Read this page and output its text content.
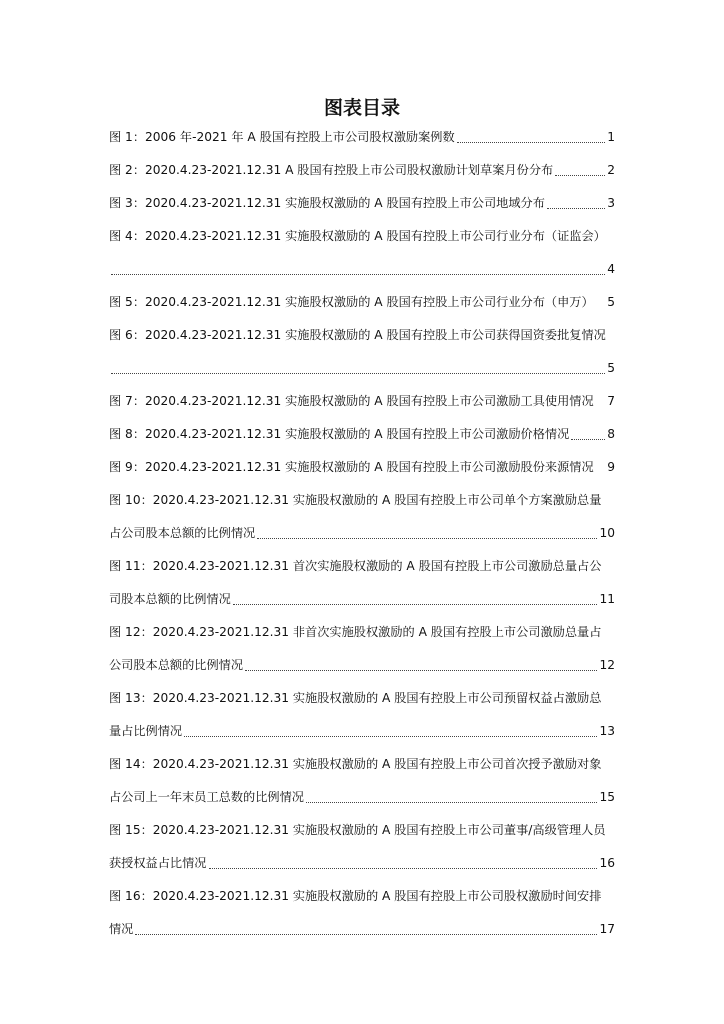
图表目录
图 1：2006 年-2021 年 A 股国有控股上市公司股权激励案例数	1
图 2：2020.4.23-2021.12.31 A 股国有控股上市公司股权激励计划草案月份分布	2
图 3：2020.4.23-2021.12.31 实施股权激励的 A 股国有控股上市公司地域分布	3
图 4：2020.4.23-2021.12.31 实施股权激励的 A 股国有控股上市公司行业分布（证监会）
4
图 5：2020.4.23-2021.12.31 实施股权激励的 A 股国有控股上市公司行业分布（申万） 5
图 6：2020.4.23-2021.12.31 实施股权激励的 A 股国有控股上市公司获得国资委批复情况
5
图 7：2020.4.23-2021.12.31 实施股权激励的 A 股国有控股上市公司激励工具使用情况 7
图 8：2020.4.23-2021.12.31 实施股权激励的 A 股国有控股上市公司激励价格情况	8
图 9：2020.4.23-2021.12.31 实施股权激励的 A 股国有控股上市公司激励股份来源情况 9
图 10：2020.4.23-2021.12.31 实施股权激励的 A 股国有控股上市公司单个方案激励总量
占公司股本总额的比例情况	10
图 11：2020.4.23-2021.12.31 首次实施股权激励的 A 股国有控股上市公司激励总量占公
司股本总额的比例情况	11
图 12：2020.4.23-2021.12.31 非首次实施股权激励的 A 股国有控股上市公司激励总量占
公司股本总额的比例情况	12
图 13：2020.4.23-2021.12.31 实施股权激励的 A 股国有控股上市公司预留权益占激励总
量占比例情况	13
图 14：2020.4.23-2021.12.31 实施股权激励的 A 股国有控股上市公司首次授予激励对象
占公司上一年末员工总数的比例情况	15
图 15：2020.4.23-2021.12.31 实施股权激励的 A 股国有控股上市公司董事/高级管理人员
获授权益占比情况	16
图 16：2020.4.23-2021.12.31 实施股权激励的 A 股国有控股上市公司股权激励时间安排
情况	17
